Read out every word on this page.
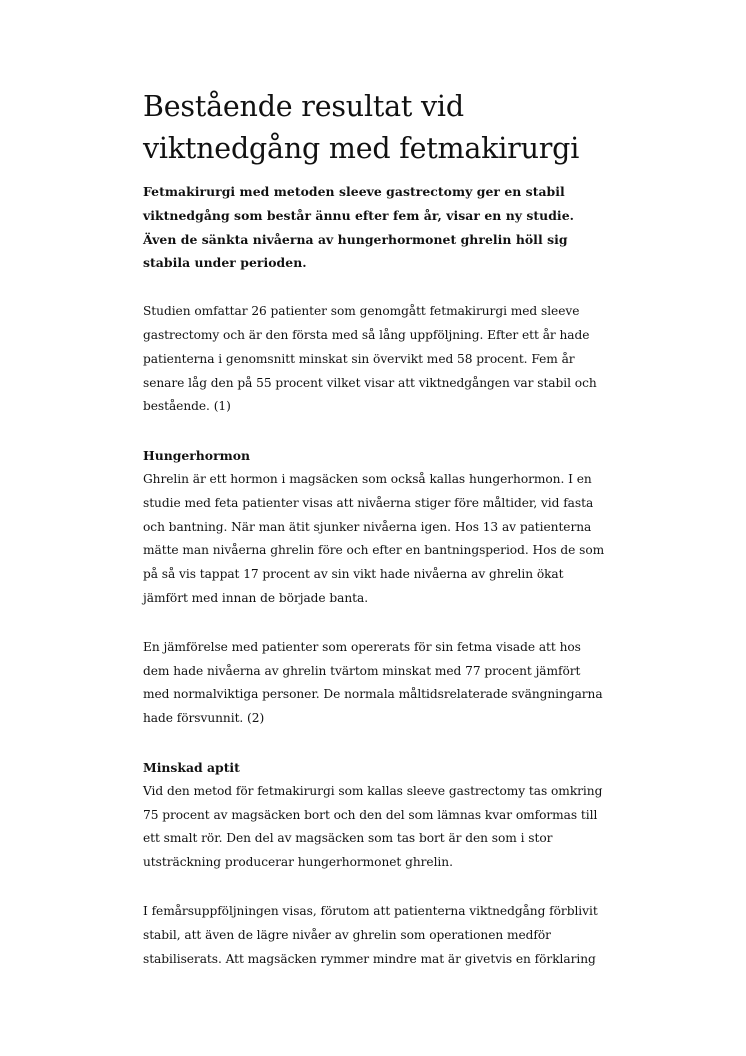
Bestående resultat vid viktnedgång med fetmakirurgi

Fetmakirurgi med metoden sleeve gastrectomy ger en stabil viktnedgång som består ännu efter fem år, visar en ny studie. Även de sänkta nivåerna av hungerhormonet ghrelin höll sig stabila under perioden.

Studien omfattar 26 patienter som genomgått fetmakirurgi med sleeve gastrectomy och är den första med så lång uppföljning. Efter ett år hade patienterna i genomsnitt minskat sin övervikt med 58 procent. Fem år senare låg den på 55 procent vilket visar att viktnedgången var stabil och bestående. (1)

Hungerhormon

Ghrelin är ett hormon i magsäcken som också kallas hungerhormon. I en studie med feta patienter visas att nivåerna stiger före måltider, vid fasta och bantning. När man ätit sjunker nivåerna igen. Hos 13 av patienterna mätte man nivåerna ghrelin före och efter en bantningsperiod. Hos de som på så vis tappat 17 procent av sin vikt hade nivåerna av ghrelin ökat jämfört med innan de började banta.

En jämförelse med patienter som opererats för sin fetma visade att hos dem hade nivåerna av ghrelin tvärtom minskat med 77 procent jämfört med normalviktiga personer. De normala måltidsrelaterade svängningarna hade försvunnit. (2)

Minskad aptit

Vid den metod för fetmakirurgi som kallas sleeve gastrectomy tas omkring 75 procent av magsäcken bort och den del som lämnas kvar omformas till ett smalt rör. Den del av magsäcken som tas bort är den som i stor utsträckning producerar hungerhormonet ghrelin.

I femårsuppföljningen visas, förutom att patienterna viktnedgång förblivit stabil, att även de lägre nivåer av ghrelin som operationen medför stabiliserats. Att magsäcken rymmer mindre mat är givetvis en förklaring
